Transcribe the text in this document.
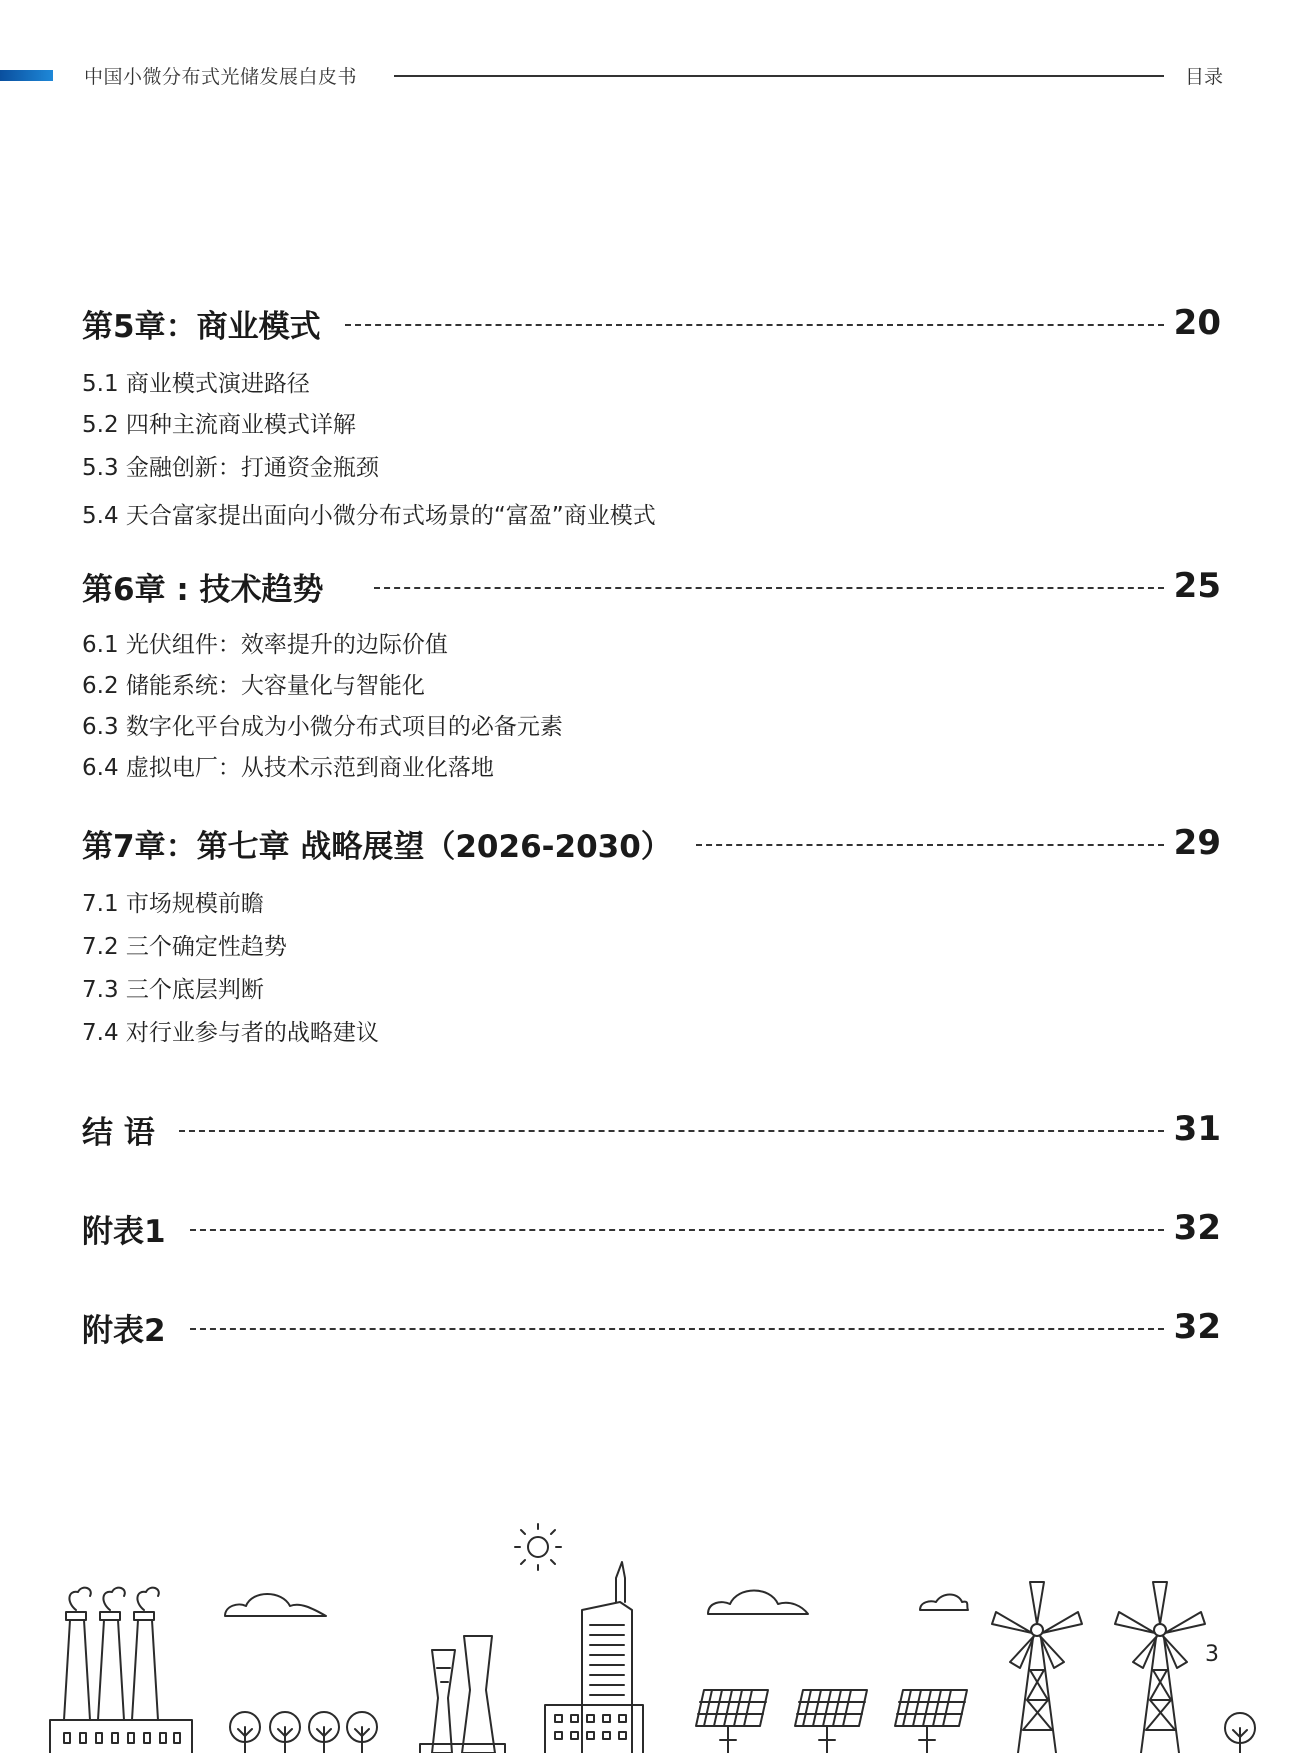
中国小微分布式光储发展白皮书	目录
第5章：商业模式	20
5.1 商业模式演进路径
5.2 四种主流商业模式详解
5.3 金融创新：打通资金瓶颈
5.4 天合富家提出面向小微分布式场景的“富盈”商业模式
第6章 : 技术趋势	25
6.1 光伏组件：效率提升的边际价值
6.2 储能系统：大容量化与智能化
6.3 数字化平台成为小微分布式项目的必备元素
6.4 虚拟电厂：从技术示范到商业化落地
第7章：第七章 战略展望（2026-2030）	29
7.1 市场规模前瞻
7.2 三个确定性趋势
7.3 三个底层判断
7.4 对行业参与者的战略建议
结 语	31
附表1	32
附表2	32
3
